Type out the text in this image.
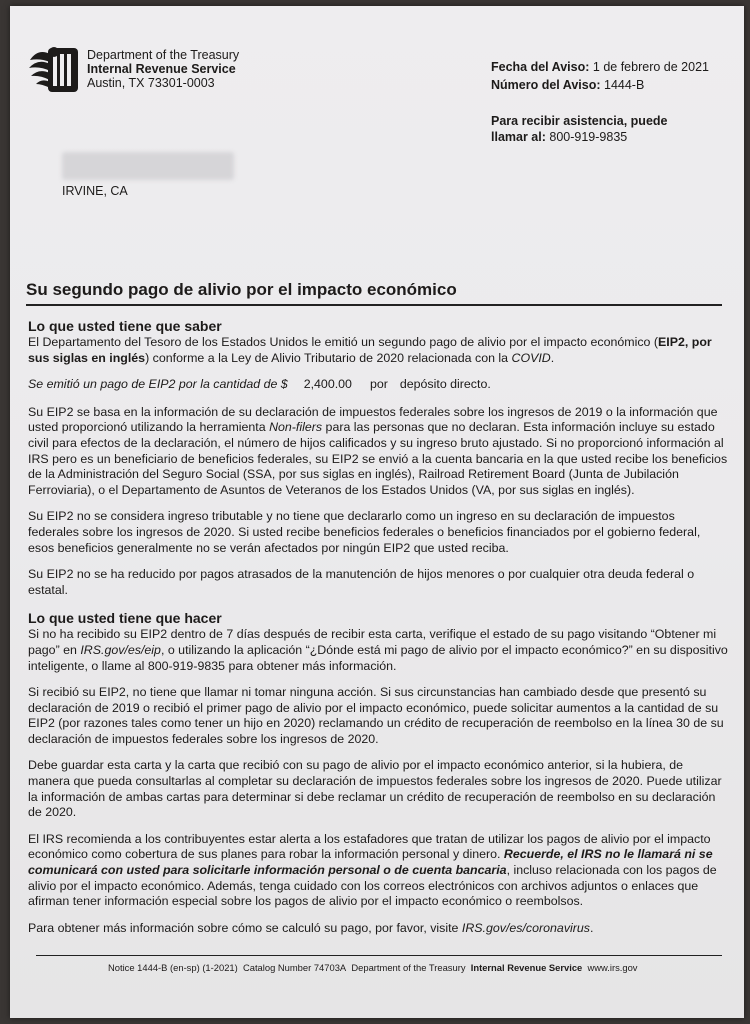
Department of the Treasury
Internal Revenue Service
Austin, TX 73301-0003
Fecha del Aviso: 1 de febrero de 2021
Número del Aviso: 1444-B
Para recibir asistencia, puede
llamar al: 800-919-9835
IRVINE, CA
Su segundo pago de alivio por el impacto económico
Lo que usted tiene que saber

El Departamento del Tesoro de los Estados Unidos le emitió un segundo pago de alivio por el impacto económico (EIP2, por sus siglas en inglés) conforme a la Ley de Alivio Tributario de 2020 relacionada con la COVID.

Se emitió un pago de EIP2 por la cantidad de $ 2,400.00 por depósito directo.

Su EIP2 se basa en la información de su declaración de impuestos federales sobre los ingresos de 2019 o la información que usted proporcionó utilizando la herramienta Non-filers para las personas que no declaran. Esta información incluye su estado civil para efectos de la declaración, el número de hijos calificados y su ingreso bruto ajustado. Si no proporcionó información al IRS pero es un beneficiario de beneficios federales, su EIP2 se envió a la cuenta bancaria en la que usted recibe los beneficios de la Administración del Seguro Social (SSA, por sus siglas en inglés), Railroad Retirement Board (Junta de Jubilación Ferroviaria), o el Departamento de Asuntos de Veteranos de los Estados Unidos (VA, por sus siglas en inglés).

Su EIP2 no se considera ingreso tributable y no tiene que declararlo como un ingreso en su declaración de impuestos federales sobre los ingresos de 2020. Si usted recibe beneficios federales o beneficios financiados por el gobierno federal, esos beneficios generalmente no se verán afectados por ningún EIP2 que usted reciba.

Su EIP2 no se ha reducido por pagos atrasados de la manutención de hijos menores o por cualquier otra deuda federal o estatal.

Lo que usted tiene que hacer

Si no ha recibido su EIP2 dentro de 7 días después de recibir esta carta, verifique el estado de su pago visitando “Obtener mi pago” en IRS.gov/es/eip, o utilizando la aplicación “¿Dónde está mi pago de alivio por el impacto económico?” en su dispositivo inteligente, o llame al 800-919-9835 para obtener más información.

Si recibió su EIP2, no tiene que llamar ni tomar ninguna acción. Si sus circunstancias han cambiado desde que presentó su declaración de 2019 o recibió el primer pago de alivio por el impacto económico, puede solicitar aumentos a la cantidad de su EIP2 (por razones tales como tener un hijo en 2020) reclamando un crédito de recuperación de reembolso en la línea 30 de su declaración de impuestos federales sobre los ingresos de 2020.

Debe guardar esta carta y la carta que recibió con su pago de alivio por el impacto económico anterior, si la hubiera, de manera que pueda consultarlas al completar su declaración de impuestos federales sobre los ingresos de 2020. Puede utilizar la información de ambas cartas para determinar si debe reclamar un crédito de recuperación de reembolso en su declaración de 2020.

El IRS recomienda a los contribuyentes estar alerta a los estafadores que tratan de utilizar los pagos de alivio por el impacto económico como cobertura de sus planes para robar la información personal y dinero. Recuerde, el IRS no le llamará ni se comunicará con usted para solicitarle información personal o de cuenta bancaria, incluso relacionada con los pagos de alivio por el impacto económico. Además, tenga cuidado con los correos electrónicos con archivos adjuntos o enlaces que afirman tener información especial sobre los pagos de alivio por el impacto económico o reembolsos.

Para obtener más información sobre cómo se calculó su pago, por favor, visite IRS.gov/es/coronavirus.

Notice 1444-B (en-sp) (1-2021) Catalog Number 74703A Department of the Treasury Internal Revenue Service www.irs.gov
